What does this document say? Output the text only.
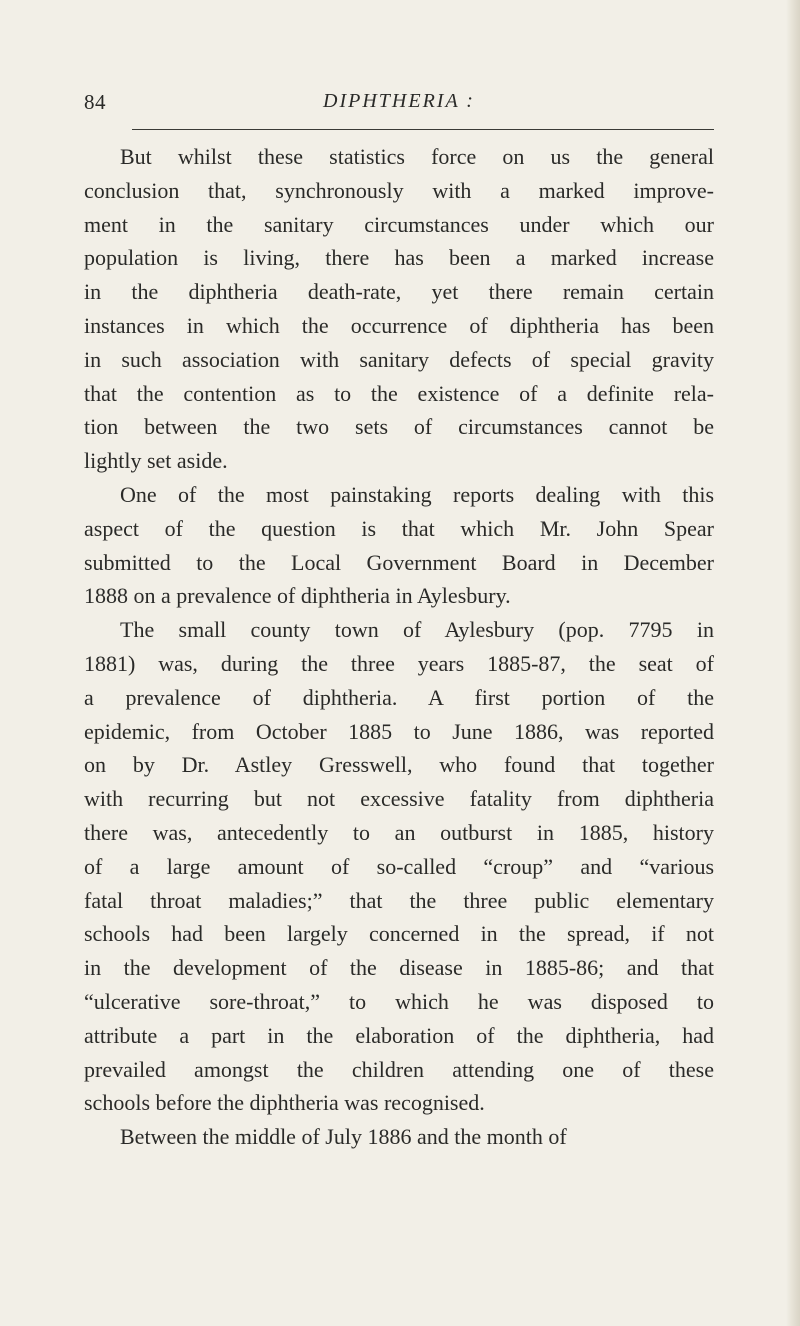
84	DIPHTHERIA :
But whilst these statistics force on us the general
conclusion that, synchronously with a marked improve-
ment in the sanitary circumstances under which our
population is living, there has been a marked increase
in the diphtheria death-rate, yet there remain certain
instances in which the occurrence of diphtheria has been
in such association with sanitary defects of special gravity
that the contention as to the existence of a definite rela-
tion between the two sets of circumstances cannot be
lightly set aside.
One of the most painstaking reports dealing with this
aspect of the question is that which Mr. John Spear
submitted to the Local Government Board in December
1888 on a prevalence of diphtheria in Aylesbury.
The small county town of Aylesbury (pop. 7795 in
1881) was, during the three years 1885-87, the seat of
a prevalence of diphtheria. A first portion of the
epidemic, from October 1885 to June 1886, was reported
on by Dr. Astley Gresswell, who found that together
with recurring but not excessive fatality from diphtheria
there was, antecedently to an outburst in 1885, history
of a large amount of so-called “croup” and “various
fatal throat maladies;” that the three public elementary
schools had been largely concerned in the spread, if not
in the development of the disease in 1885-86; and that
“ulcerative sore-throat,” to which he was disposed to
attribute a part in the elaboration of the diphtheria, had
prevailed amongst the children attending one of these
schools before the diphtheria was recognised.
Between the middle of July 1886 and the month of
